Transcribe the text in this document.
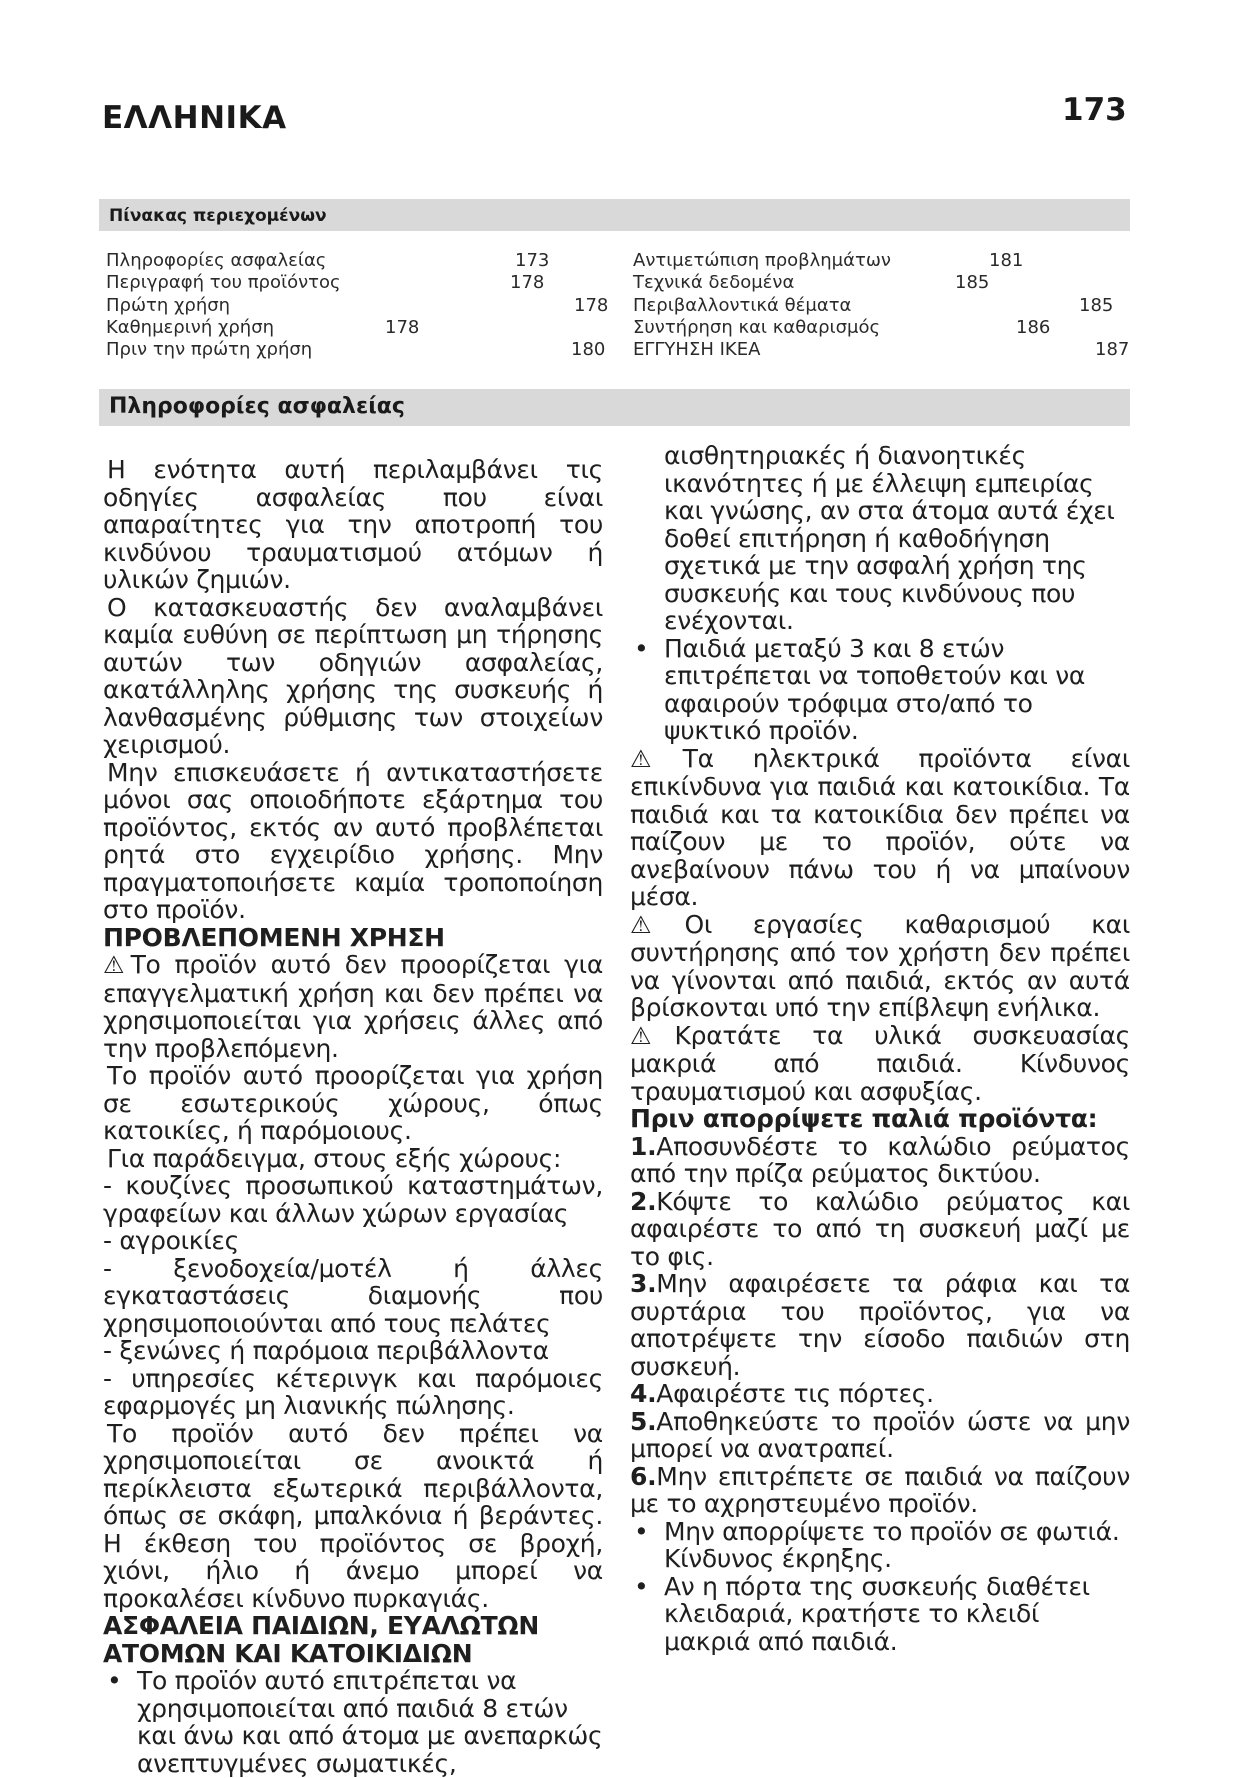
ΕΛΛΗΝΙΚΑ	173
Πίνακας περιεχομένων
Πληροφορίες ασφαλείας	173
Περιγραφή του προϊόντος	178
Πρώτη χρήση	178
Καθημερινή χρήση	178
Πριν την πρώτη χρήση	180
Αντιμετώπιση προβλημάτων	181
Τεχνικά δεδομένα	185
Περιβαλλοντικά θέματα	185
Συντήρηση και καθαρισμός	186
ΕΓΓΥΗΣΗ IKEA	187
Πληροφορίες ασφαλείας

Η ενότητα αυτή περιλαμβάνει τις οδηγίες ασφαλείας που είναι απαραίτητες για την αποτροπή του κινδύνου τραυματισμού ατόμων ή υλικών ζημιών.

Ο κατασκευαστής δεν αναλαμβάνει καμία ευθύνη σε περίπτωση μη τήρησης αυτών των οδηγιών ασφαλείας, ακατάλληλης χρήσης της συσκευής ή λανθασμένης ρύθμισης των στοιχείων χειρισμού.

Μην επισκευάσετε ή αντικαταστήσετε μόνοι σας οποιοδήποτε εξάρτημα του προϊόντος, εκτός αν αυτό προβλέπεται ρητά στο εγχειρίδιο χρήσης. Μην πραγματοποιήσετε καμία τροποποίηση στο προϊόν.

ΠΡΟΒΛΕΠΟΜΕΝΗ ΧΡΗΣΗ

⚠Το προϊόν αυτό δεν προορίζεται για επαγγελματική χρήση και δεν πρέπει να χρησιμοποιείται για χρήσεις άλλες από την προβλεπόμενη.

Το προϊόν αυτό προορίζεται για χρήση σε εσωτερικούς χώρους, όπως κατοικίες, ή παρόμοιους.

Για παράδειγμα, στους εξής χώρους:

- κουζίνες προσωπικού καταστημάτων, γραφείων και άλλων χώρων εργασίας

- αγροικίες

- ξενοδοχεία/μοτέλ ή άλλες εγκαταστάσεις διαμονής που χρησιμοποιούνται από τους πελάτες

- ξενώνες ή παρόμοια περιβάλλοντα

- υπηρεσίες κέτερινγκ και παρόμοιες εφαρμογές μη λιανικής πώλησης.

Το προϊόν αυτό δεν πρέπει να χρησιμοποιείται σε ανοικτά ή περίκλειστα εξωτερικά περιβάλλοντα, όπως σε σκάφη, μπαλκόνια ή βεράντες. Η έκθεση του προϊόντος σε βροχή, χιόνι, ήλιο ή άνεμο μπορεί να προκαλέσει κίνδυνο πυρκαγιάς.

ΑΣΦΑΛΕΙΑ ΠΑΙΔΙΩΝ, ΕΥΑΛΩΤΩΝ ΑΤΟΜΩΝ ΚΑΙ ΚΑΤΟΙΚΙΔΙΩΝ

• Το προϊόν αυτό επιτρέπεται να χρησιμοποιείται από παιδιά 8 ετών και άνω και από άτομα με ανεπαρκώς ανεπτυγμένες σωματικές,

αισθητηριακές ή διανοητικές ικανότητες ή με έλλειψη εμπειρίας και γνώσης, αν στα άτομα αυτά έχει δοθεί επιτήρηση ή καθοδήγηση σχετικά με την ασφαλή χρήση της συσκευής και τους κινδύνους που ενέχονται.

• Παιδιά μεταξύ 3 και 8 ετών επιτρέπεται να τοποθετούν και να αφαιρούν τρόφιμα στο/από το ψυκτικό προϊόν.

⚠Τα ηλεκτρικά προϊόντα είναι επικίνδυνα για παιδιά και κατοικίδια. Τα παιδιά και τα κατοικίδια δεν πρέπει να παίζουν με το προϊόν, ούτε να ανεβαίνουν πάνω του ή να μπαίνουν μέσα.

⚠Οι εργασίες καθαρισμού και συντήρησης από τον χρήστη δεν πρέπει να γίνονται από παιδιά, εκτός αν αυτά βρίσκονται υπό την επίβλεψη ενήλικα.

⚠Κρατάτε τα υλικά συσκευασίας μακριά από παιδιά. Κίνδυνος τραυματισμού και ασφυξίας.

Πριν απορρίψετε παλιά προϊόντα:

1.Αποσυνδέστε το καλώδιο ρεύματος από την πρίζα ρεύματος δικτύου.

2.Κόψτε το καλώδιο ρεύματος και αφαιρέστε το από τη συσκευή μαζί με το φις.

3.Μην αφαιρέσετε τα ράφια και τα συρτάρια του προϊόντος, για να αποτρέψετε την είσοδο παιδιών στη συσκευή.

4.Αφαιρέστε τις πόρτες.

5.Αποθηκεύστε το προϊόν ώστε να μην μπορεί να ανατραπεί.

6.Μην επιτρέπετε σε παιδιά να παίζουν με το αχρηστευμένο προϊόν.

• Μην απορρίψετε το προϊόν σε φωτιά. Κίνδυνος έκρηξης.
• Αν η πόρτα της συσκευής διαθέτει κλειδαριά, κρατήστε το κλειδί μακριά από παιδιά.
